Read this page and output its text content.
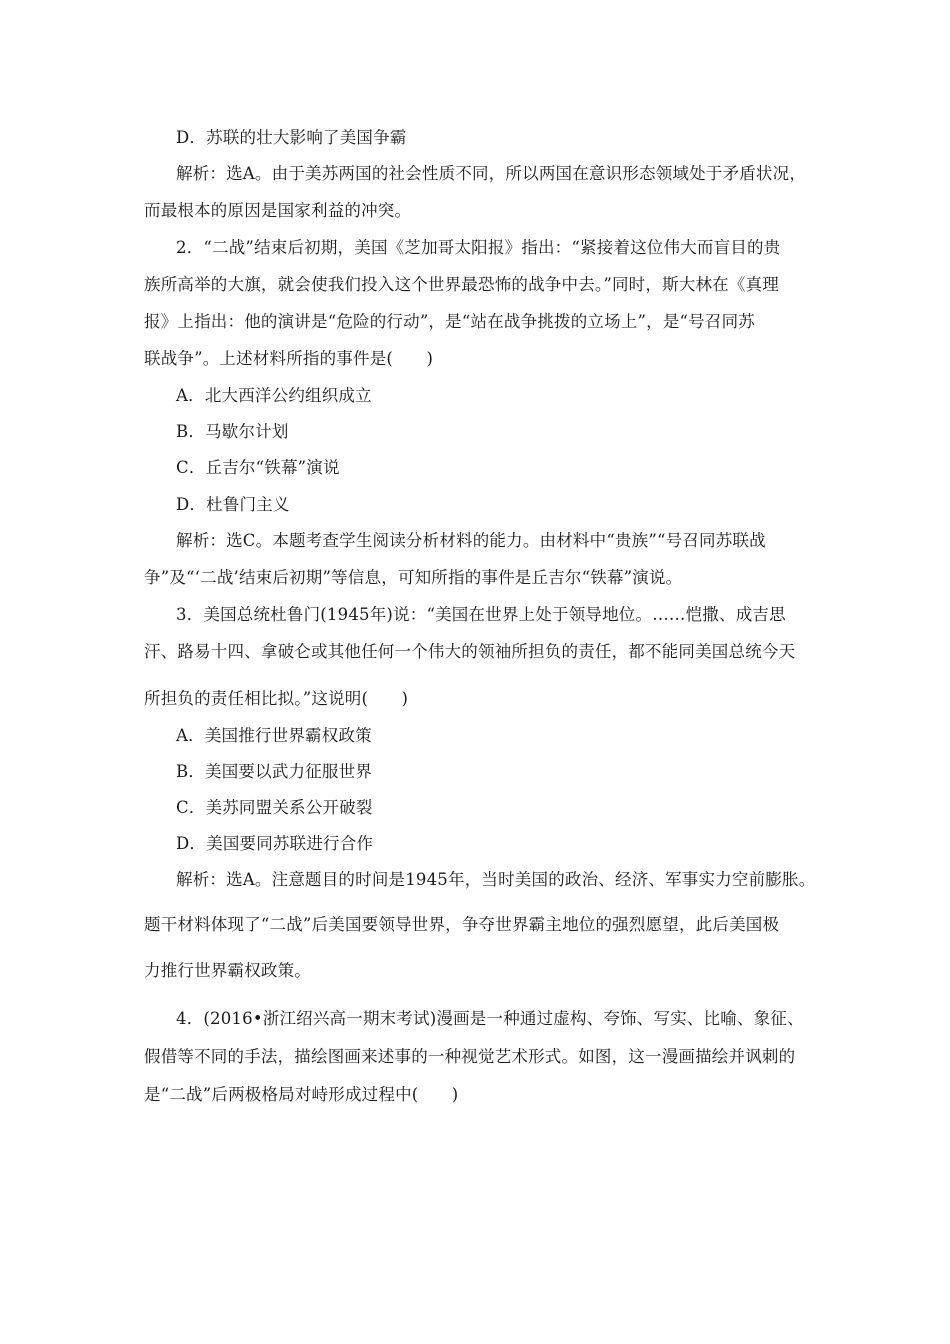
D．苏联的壮大影响了美国争霸
解析：选A。由于美苏两国的社会性质不同，所以两国在意识形态领域处于矛盾状况，
而最根本的原因是国家利益的冲突。
2．“二战”结束后初期，美国《芝加哥太阳报》指出：“紧接着这位伟大而盲目的贵
族所高举的大旗，就会使我们投入这个世界最恐怖的战争中去。”同时，斯大林在《真理
报》上指出：他的演讲是“危险的行动”，是“站在战争挑拨的立场上”，是“号召同苏
联战争”。上述材料所指的事件是(　　)
A．北大西洋公约组织成立
B．马歇尔计划
C．丘吉尔“铁幕”演说
D．杜鲁门主义
解析：选C。本题考查学生阅读分析材料的能力。由材料中“贵族”“号召同苏联战
争”及“‘二战’结束后初期”等信息，可知所指的事件是丘吉尔“铁幕”演说。
3．美国总统杜鲁门(1945年)说：“美国在世界上处于领导地位。……恺撒、成吉思
汗、路易十四、拿破仑或其他任何一个伟大的领袖所担负的责任，都不能同美国总统今天
所担负的责任相比拟。”这说明(　　)
A．美国推行世界霸权政策
B．美国要以武力征服世界
C．美苏同盟关系公开破裂
D．美国要同苏联进行合作
解析：选A。注意题目的时间是1945年，当时美国的政治、经济、军事实力空前膨胀。
题干材料体现了“二战”后美国要领导世界，争夺世界霸主地位的强烈愿望，此后美国极
力推行世界霸权政策。
4．(2016•浙江绍兴高一期末考试)漫画是一种通过虚构、夸饰、写实、比喻、象征、
假借等不同的手法，描绘图画来述事的一种视觉艺术形式。如图，这一漫画描绘并讽刺的
是“二战”后两极格局对峙形成过程中(　　)
